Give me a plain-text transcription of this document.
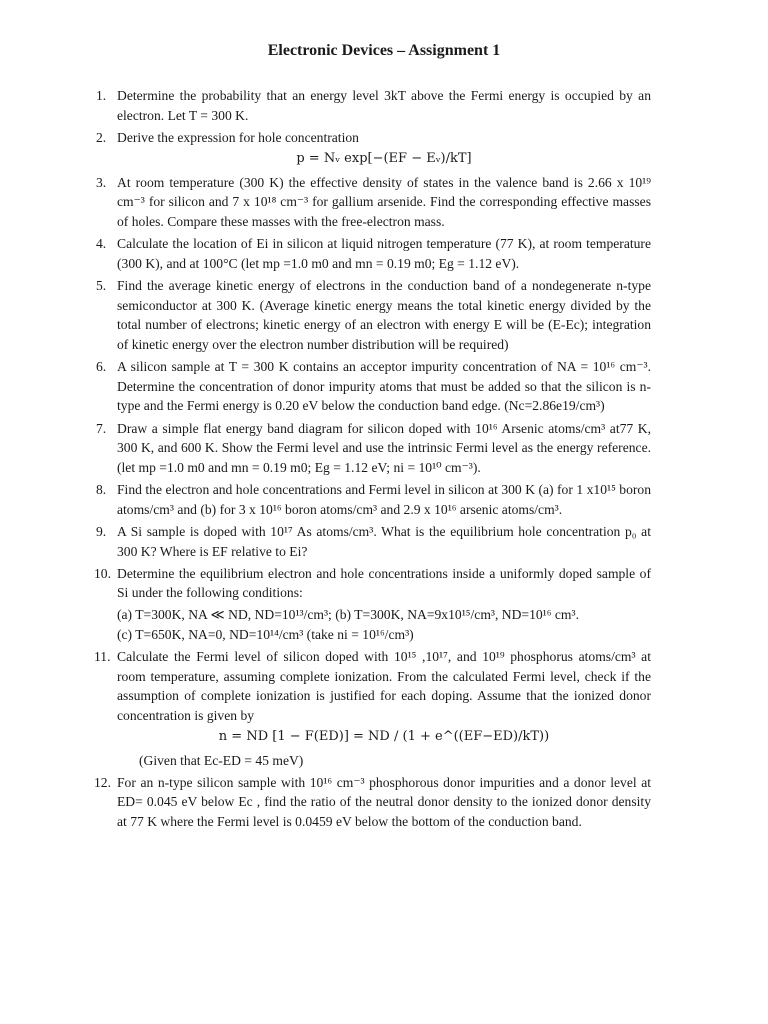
Electronic Devices – Assignment 1
1. Determine the probability that an energy level 3kT above the Fermi energy is occupied by an electron. Let T = 300 K.
2. Derive the expression for hole concentration
p = Nᵥ exp[−(EF − Eᵥ)/kT]
3. At room temperature (300 K) the effective density of states in the valence band is 2.66 x 10¹⁹ cm⁻³ for silicon and 7 x 10¹⁸ cm⁻³ for gallium arsenide. Find the corresponding effective masses of holes. Compare these masses with the free-electron mass.
4. Calculate the location of Ei in silicon at liquid nitrogen temperature (77 K), at room temperature (300 K), and at 100°C (let mp =1.0 m0 and mn = 0.19 m0; Eg = 1.12 eV).
5. Find the average kinetic energy of electrons in the conduction band of a nondegenerate n-type semiconductor at 300 K. (Average kinetic energy means the total kinetic energy divided by the total number of electrons; kinetic energy of an electron with energy E will be (E-Ec); integration of kinetic energy over the electron number distribution will be required)
6. A silicon sample at T = 300 K contains an acceptor impurity concentration of NA = 10¹⁶ cm⁻³. Determine the concentration of donor impurity atoms that must be added so that the silicon is n-type and the Fermi energy is 0.20 eV below the conduction band edge. (Nc=2.86e19/cm³)
7. Draw a simple flat energy band diagram for silicon doped with 10¹⁶ Arsenic atoms/cm³ at77 K, 300 K, and 600 K. Show the Fermi level and use the intrinsic Fermi level as the energy reference. (let mp =1.0 m0 and mn = 0.19 m0; Eg = 1.12 eV; ni = 10¹⁰ cm⁻³).
8. Find the electron and hole concentrations and Fermi level in silicon at 300 K (a) for 1 x10¹⁵ boron atoms/cm³ and (b) for 3 x 10¹⁶ boron atoms/cm³ and 2.9 x 10¹⁶ arsenic atoms/cm³.
9. A Si sample is doped with 10¹⁷ As atoms/cm³. What is the equilibrium hole concentration p₀ at 300 K? Where is EF relative to Ei?
10. Determine the equilibrium electron and hole concentrations inside a uniformly doped sample of Si under the following conditions:
(a) T=300K, NA ≪ ND, ND=10¹³/cm³; (b) T=300K, NA=9x10¹⁵/cm³, ND=10¹⁶ cm³.
(c) T=650K, NA=0, ND=10¹⁴/cm³ (take ni = 10¹⁶/cm³)
11. Calculate the Fermi level of silicon doped with 10¹⁵ ,10¹⁷, and 10¹⁹ phosphorus atoms/cm³ at room temperature, assuming complete ionization. From the calculated Fermi level, check if the assumption of complete ionization is justified for each doping. Assume that the ionized donor concentration is given by
n = ND [1 − F(ED)] = ND / (1 + e^((EF−ED)/kT))
(Given that Ec-ED = 45 meV)
12. For an n-type silicon sample with 10¹⁶ cm⁻³ phosphorous donor impurities and a donor level at ED= 0.045 eV below Ec , find the ratio of the neutral donor density to the ionized donor density at 77 K where the Fermi level is 0.0459 eV below the bottom of the conduction band.
